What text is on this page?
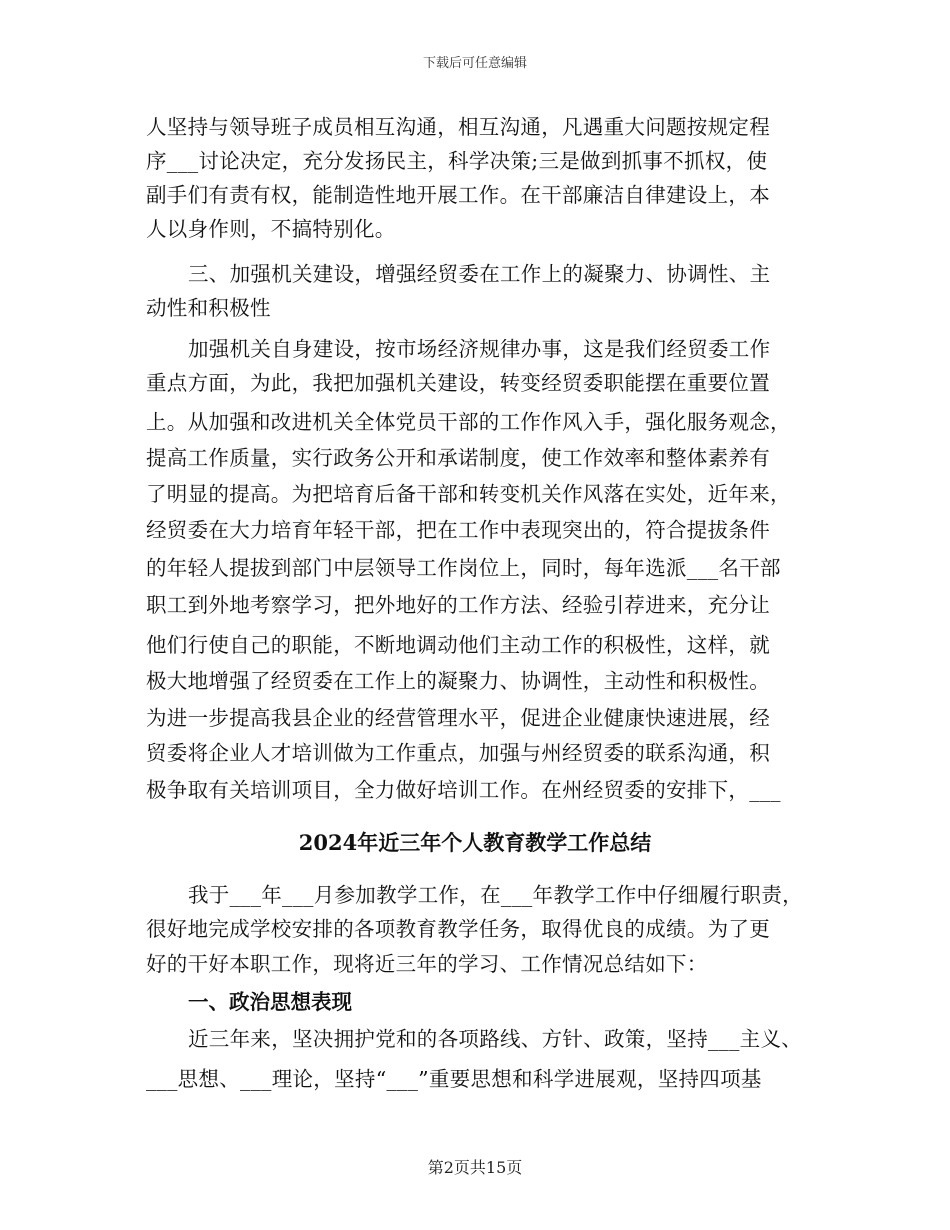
下载后可任意编辑
人坚持与领导班子成员相互沟通，相互沟通，凡遇重大问题按规定程
序___讨论决定，充分发扬民主，科学决策;三是做到抓事不抓权，使
副手们有责有权，能制造性地开展工作。在干部廉洁自律建设上，本
人以身作则，不搞特别化。
三、加强机关建设，增强经贸委在工作上的凝聚力、协调性、主
动性和积极性
加强机关自身建设，按市场经济规律办事，这是我们经贸委工作
重点方面，为此，我把加强机关建设，转变经贸委职能摆在重要位置
上。从加强和改进机关全体党员干部的工作作风入手，强化服务观念，
提高工作质量，实行政务公开和承诺制度，使工作效率和整体素养有
了明显的提高。为把培育后备干部和转变机关作风落在实处，近年来，
经贸委在大力培育年轻干部，把在工作中表现突出的，符合提拔条件
的年轻人提拔到部门中层领导工作岗位上，同时，每年选派___名干部
职工到外地考察学习，把外地好的工作方法、经验引荐进来，充分让
他们行使自己的职能，不断地调动他们主动工作的积极性，这样，就
极大地增强了经贸委在工作上的凝聚力、协调性，主动性和积极性。
为进一步提高我县企业的经营管理水平，促进企业健康快速进展，经
贸委将企业人才培训做为工作重点，加强与州经贸委的联系沟通，积
极争取有关培训项目，全力做好培训工作。在州经贸委的安排下，___
2024年近三年个人教育教学工作总结
我于___年___月参加教学工作，在___年教学工作中仔细履行职责，
很好地完成学校安排的各项教育教学任务，取得优良的成绩。为了更
好的干好本职工作，现将近三年的学习、工作情况总结如下：
一、政治思想表现
近三年来，坚决拥护党和的各项路线、方针、政策，坚持___主义、
___思想、___理论，坚持“___”重要思想和科学进展观，坚持四项基
第2页共15页
